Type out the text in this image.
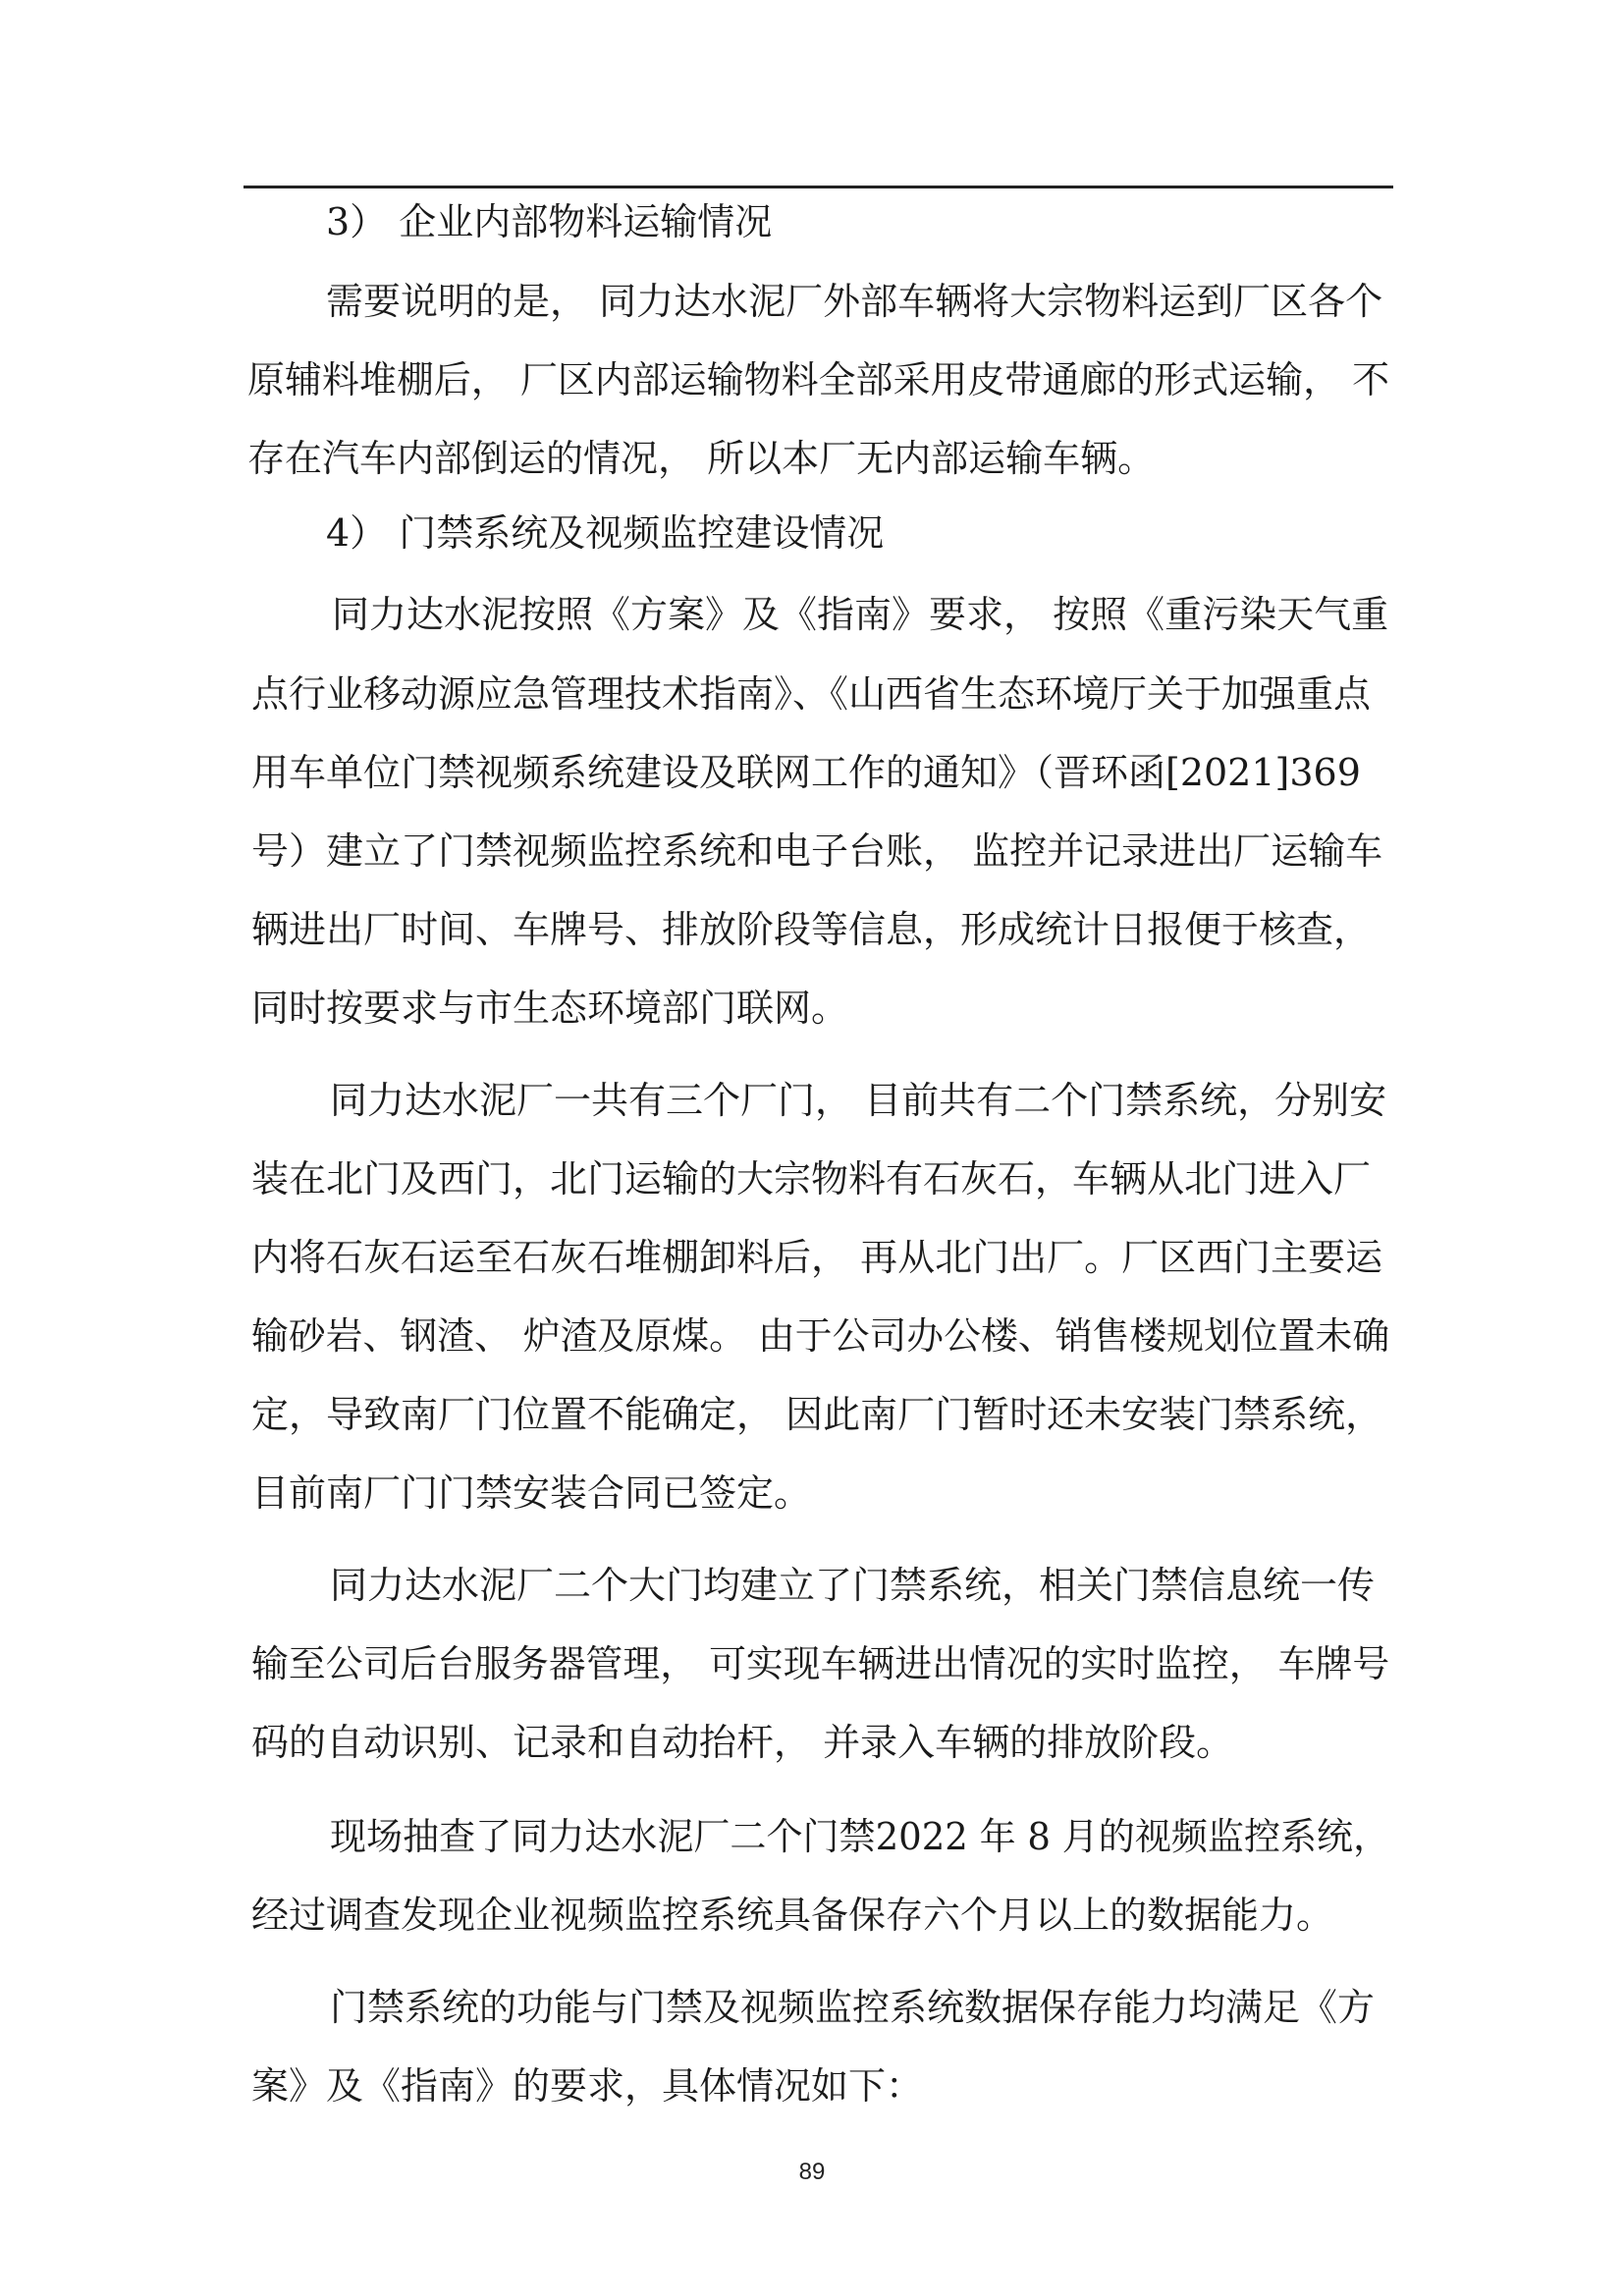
3） 企业内部物料运输情况
需要说明的是， 同力达水泥厂外部车辆将大宗物料运到厂区各个
原辅料堆棚后， 厂区内部运输物料全部采用皮带通廊的形式运输， 不
存在汽车内部倒运的情况， 所以本厂无内部运输车辆。
4） 门禁系统及视频监控建设情况
同力达水泥按照《方案》及《指南》要求， 按照《重污染天气重
点行业移动源应急管理技术指南》、《山西省生态环境厅关于加强重点
用车单位门禁视频系统建设及联网工作的通知》（晋环函[2021]369
号）建立了门禁视频监控系统和电子台账， 监控并记录进出厂运输车
辆进出厂时间、车牌号、排放阶段等信息，形成统计日报便于核查，
同时按要求与市生态环境部门联网。
同力达水泥厂一共有三个厂门， 目前共有二个门禁系统，分别安
装在北门及西门，北门运输的大宗物料有石灰石，车辆从北门进入厂
内将石灰石运至石灰石堆棚卸料后， 再从北门出厂。厂区西门主要运
输砂岩、钢渣、 炉渣及原煤。 由于公司办公楼、销售楼规划位置未确
定，导致南厂门位置不能确定， 因此南厂门暂时还未安装门禁系统，
目前南厂门门禁安装合同已签定。
同力达水泥厂二个大门均建立了门禁系统，相关门禁信息统一传
输至公司后台服务器管理， 可实现车辆进出情况的实时监控， 车牌号
码的自动识别、记录和自动抬杆， 并录入车辆的排放阶段。
现场抽查了同力达水泥厂二个门禁2022 年 8 月的视频监控系统，
经过调查发现企业视频监控系统具备保存六个月以上的数据能力。
门禁系统的功能与门禁及视频监控系统数据保存能力均满足《方
案》及《指南》的要求，具体情况如下：
89
